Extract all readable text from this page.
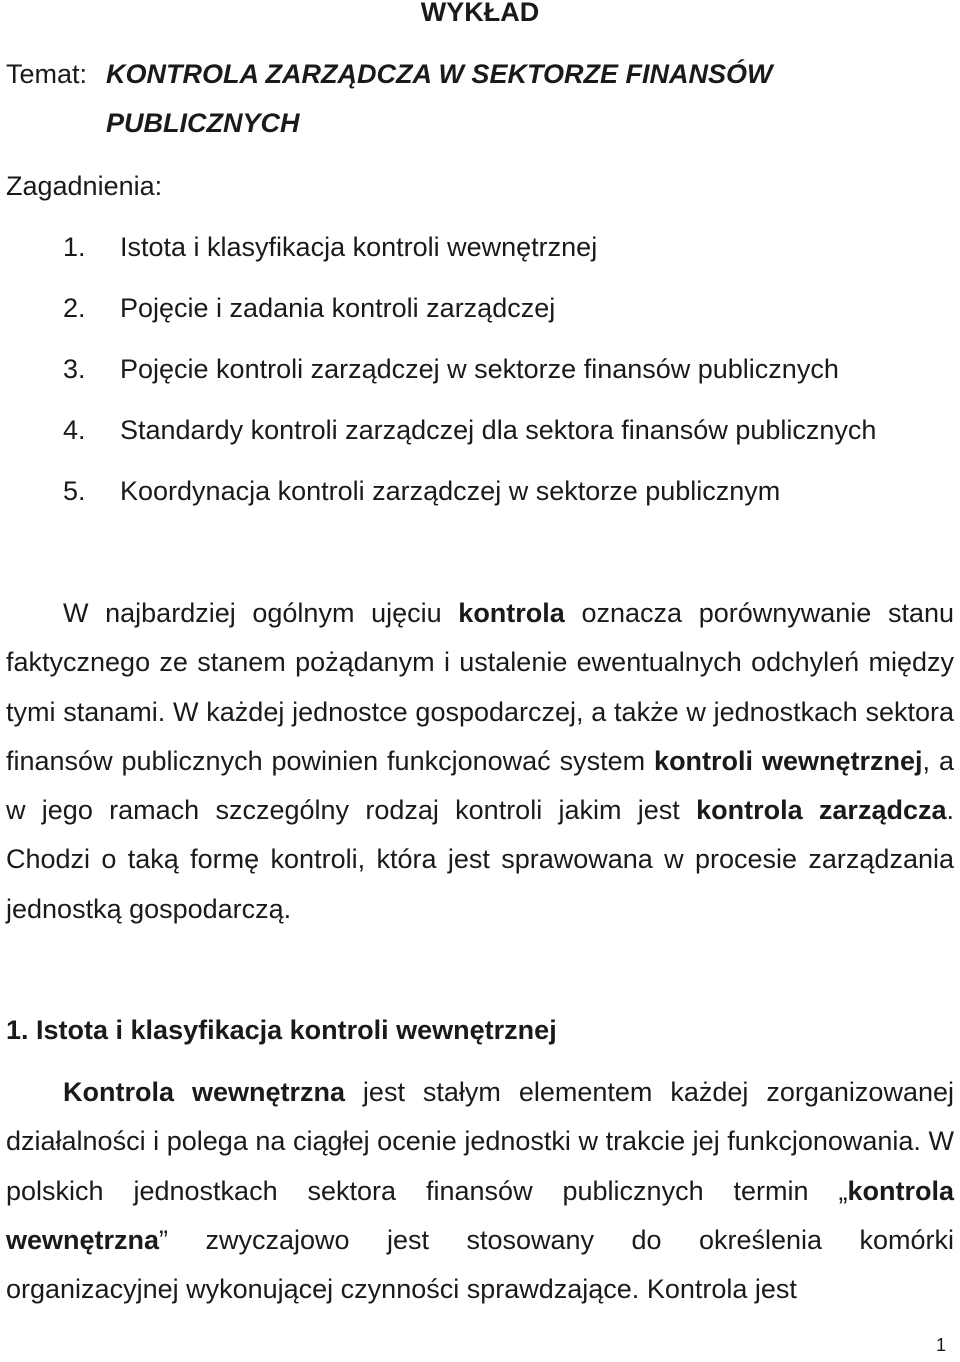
WYKŁAD
Temat: KONTROLA ZARZĄDCZA W SEKTORZE FINANSÓW
PUBLICZNYCH
Zagadnienia:
1. Istota i klasyfikacja kontroli wewnętrznej
2. Pojęcie i zadania kontroli zarządczej
3. Pojęcie kontroli zarządczej w sektorze finansów publicznych
4. Standardy kontroli zarządczej dla sektora finansów publicznych
5. Koordynacja kontroli zarządczej w sektorze publicznym
W najbardziej ogólnym ujęciu kontrola oznacza porównywanie stanu faktycznego ze stanem pożądanym i ustalenie ewentualnych odchyleń między tymi stanami. W każdej jednostce gospodarczej, a także w jednostkach sektora finansów publicznych powinien funkcjonować system kontroli wewnętrznej, a w jego ramach szczególny rodzaj kontroli jakim jest kontrola zarządcza. Chodzi o taką formę kontroli, która jest sprawowana w procesie zarządzania jednostką gospodarczą.
1. Istota i klasyfikacja kontroli wewnętrznej
Kontrola wewnętrzna jest stałym elementem każdej zorganizowanej działalności i polega na ciągłej ocenie jednostki w trakcie jej funkcjonowania. W polskich jednostkach sektora finansów publicznych termin „kontrola wewnętrzna” zwyczajowo jest stosowany do określenia komórki organizacyjnej wykonującej czynności sprawdzające. Kontrola jest
1
